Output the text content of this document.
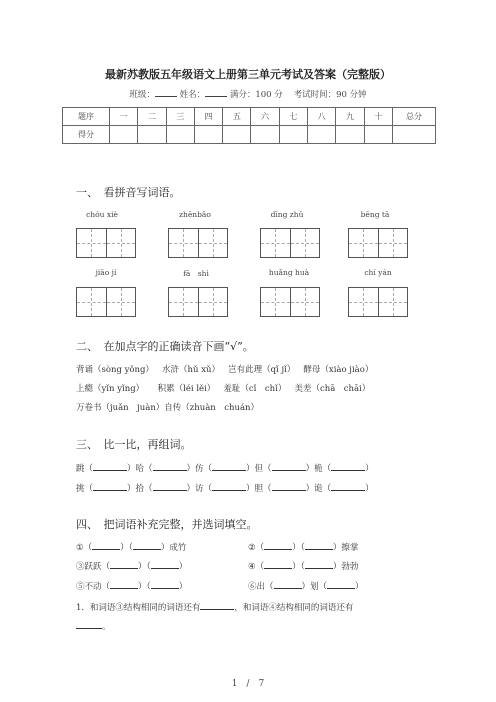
最新苏教版五年级语文上册第三单元考试及答案（完整版）
班级：	姓名：	满分：100 分 考试时间：90 分钟
题序	一	二	三	四	五	六	七	八	九	十	总分
得分											
一、　看拼音写词语。
chóu xiè	zhēnbǎo	dīng zhǔ	bēng tā
jiāo jí	fā　shì	huǎng huà	chí yán
二、　在加点字的正确读音下画“√”。
背诵（sòng yǒng） 水浒（hǔ xǔ） 岂有此理（qǐ jǐ） 酵母（xiào jiào）
上瘾（yǐn yǐng） 积累（léi lěi） 羞耻（cǐ　chǐ） 美差（chā　chāi）
万卷书（juǎn　juàn）自传（zhuàn　chuán）
三、　比一比，再组词。
跳（	）哈（	）仿（	）但（	）桅（	）
挑（	）拾（	）访（	）胆（	）诡（	）
四、　把词语补充完整，并选词填空。
①（	）（	）成竹	②（	）（	）擦掌
③跃跃（	）（	）	④（	）（	）勃勃
⑤不动（	）（	）	⑥出（	）划（	）
1．和词语③结构相同的词语还有	，和词语④结构相同的词语还有
。
1　/　7
